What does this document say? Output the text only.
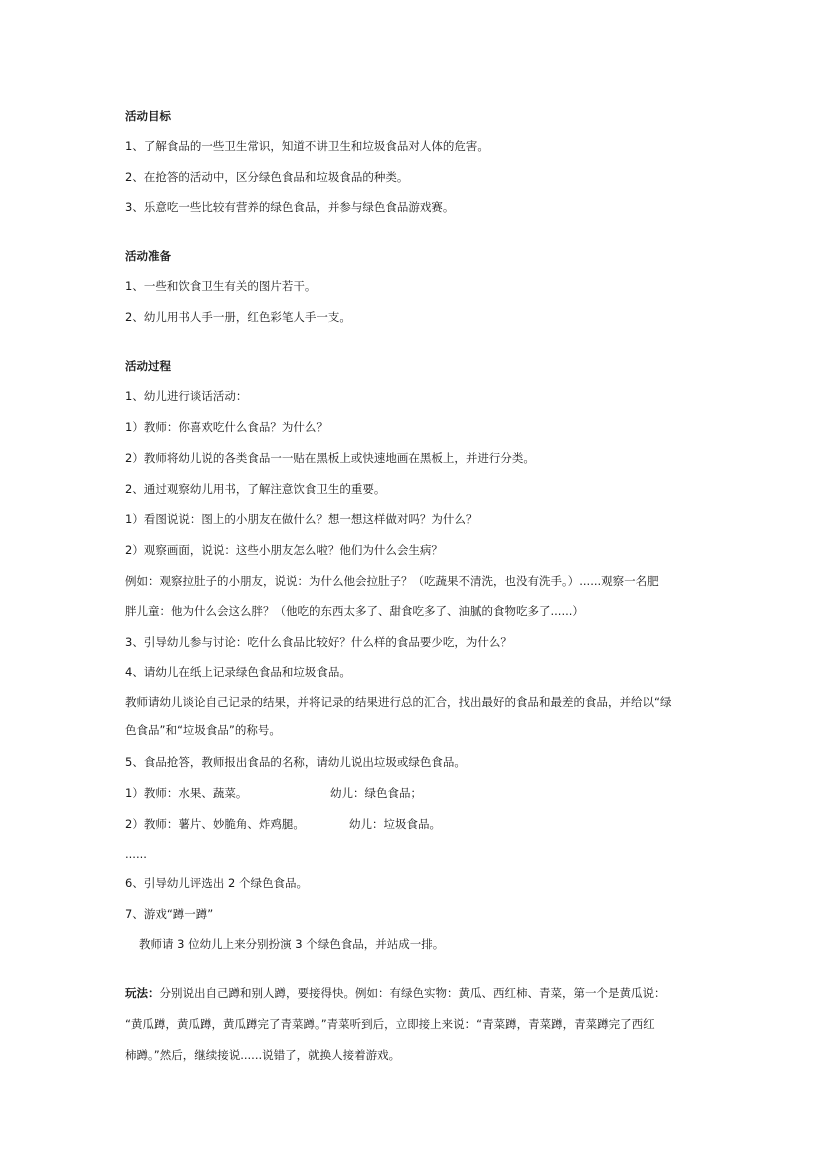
活动目标
1、了解食品的一些卫生常识，知道不讲卫生和垃圾食品对人体的危害。
2、在抢答的活动中，区分绿色食品和垃圾食品的种类。
3、乐意吃一些比较有营养的绿色食品，并参与绿色食品游戏赛。
活动准备
1、一些和饮食卫生有关的图片若干。
2、幼儿用书人手一册，红色彩笔人手一支。
活动过程
1、幼儿进行谈话活动：
1）教师：你喜欢吃什么食品？为什么？
2）教师将幼儿说的各类食品一一贴在黑板上或快速地画在黑板上，并进行分类。
2、通过观察幼儿用书，了解注意饮食卫生的重要。
1）看图说说：图上的小朋友在做什么？想一想这样做对吗？为什么？
2）观察画面，说说：这些小朋友怎么啦？他们为什么会生病？
例如：观察拉肚子的小朋友，说说：为什么他会拉肚子？（吃蔬果不清洗，也没有洗手。）......观察一名肥
胖儿童：他为什么会这么胖？（他吃的东西太多了、甜食吃多了、油腻的食物吃多了......）
3、引导幼儿参与讨论：吃什么食品比较好？什么样的食品要少吃，为什么？
4、请幼儿在纸上记录绿色食品和垃圾食品。
教师请幼儿谈论自己记录的结果，并将记录的结果进行总的汇合，找出最好的食品和最差的食品，并给以“绿
色食品”和“垃圾食品”的称号。
5、食品抢答，教师报出食品的名称，请幼儿说出垃圾或绿色食品。
1）教师：水果、蔬菜。	幼儿：绿色食品；
2）教师：薯片、妙脆角、炸鸡腿。	幼儿：垃圾食品。
......
6、引导幼儿评选出 2 个绿色食品。
7、游戏“蹲一蹲”
教师请 3 位幼儿上来分别扮演 3 个绿色食品，并站成一排。
玩法：分别说出自己蹲和别人蹲，要接得快。例如：有绿色实物：黄瓜、西红柿、青菜，第一个是黄瓜说：
“黄瓜蹲，黄瓜蹲，黄瓜蹲完了青菜蹲。”青菜听到后，立即接上来说：“青菜蹲，青菜蹲，青菜蹲完了西红
柿蹲。”然后，继续接说......说错了，就换人接着游戏。
